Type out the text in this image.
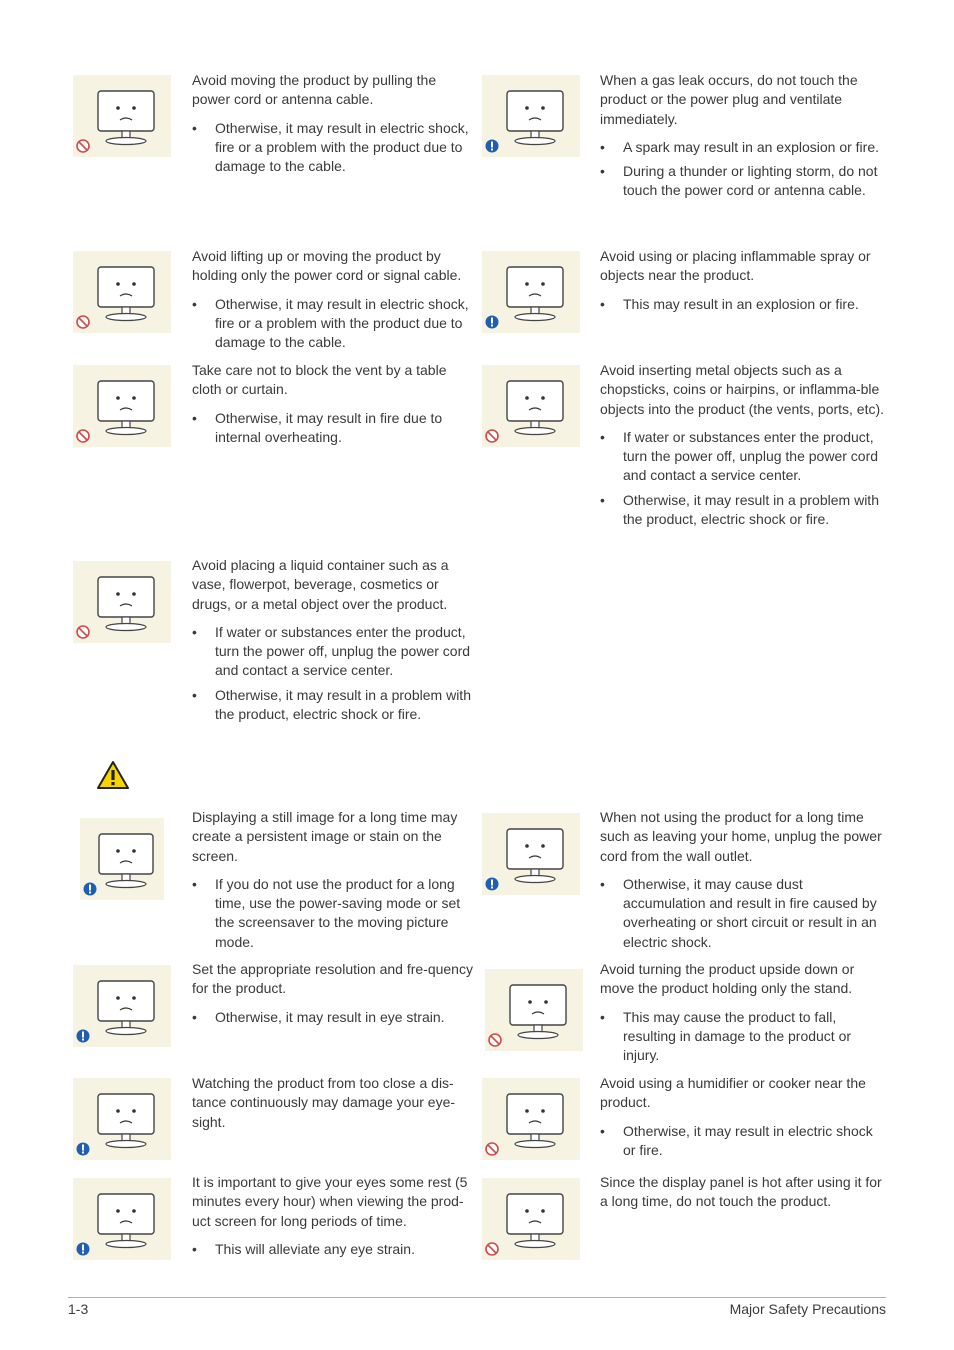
Avoid moving the product by pulling the power cord or antenna cable.

• Otherwise, it may result in electric shock, fire or a problem with the product due to damage to the cable.

When a gas leak occurs, do not touch the product or the power plug and ventilate immediately.

• A spark may result in an explosion or fire.
• During a thunder or lighting storm, do not touch the power cord or antenna cable.

Avoid lifting up or moving the product by holding only the power cord or signal cable.

• Otherwise, it may result in electric shock, fire or a problem with the product due to damage to the cable.

Avoid using or placing inflammable spray or objects near the product.

• This may result in an explosion or fire.

Take care not to block the vent by a table cloth or curtain.

• Otherwise, it may result in fire due to internal overheating.

Avoid inserting metal objects such as a chopsticks, coins or hairpins, or inflamma-ble objects into the product (the vents, ports, etc).

• If water or substances enter the product, turn the power off, unplug the power cord and contact a service center.
• Otherwise, it may result in a problem with the product, electric shock or fire.

Avoid placing a liquid container such as a vase, flowerpot, beverage, cosmetics or drugs, or a metal object over the product.

• If water or substances enter the product, turn the power off, unplug the power cord and contact a service center.
• Otherwise, it may result in a problem with the product, electric shock or fire.

Displaying a still image for a long time may create a persistent image or stain on the screen.

• If you do not use the product for a long time, use the power-saving mode or set the screensaver to the moving picture mode.

When not using the product for a long time such as leaving your home, unplug the power cord from the wall outlet.

• Otherwise, it may cause dust accumulation and result in fire caused by overheating or short circuit or result in an electric shock.

Set the appropriate resolution and fre-quency for the product.

• Otherwise, it may result in eye strain.

Avoid turning the product upside down or move the product holding only the stand.

• This may cause the product to fall, resulting in damage to the product or injury.

Watching the product from too close a dis-tance continuously may damage your eye-sight.

Avoid using a humidifier or cooker near the product.

• Otherwise, it may result in electric shock or fire.

It is important to give your eyes some rest (5 minutes every hour) when viewing the prod-uct screen for long periods of time.

• This will alleviate any eye strain.

Since the display panel is hot after using it for a long time, do not touch the product.

1-3	Major Safety Precautions
